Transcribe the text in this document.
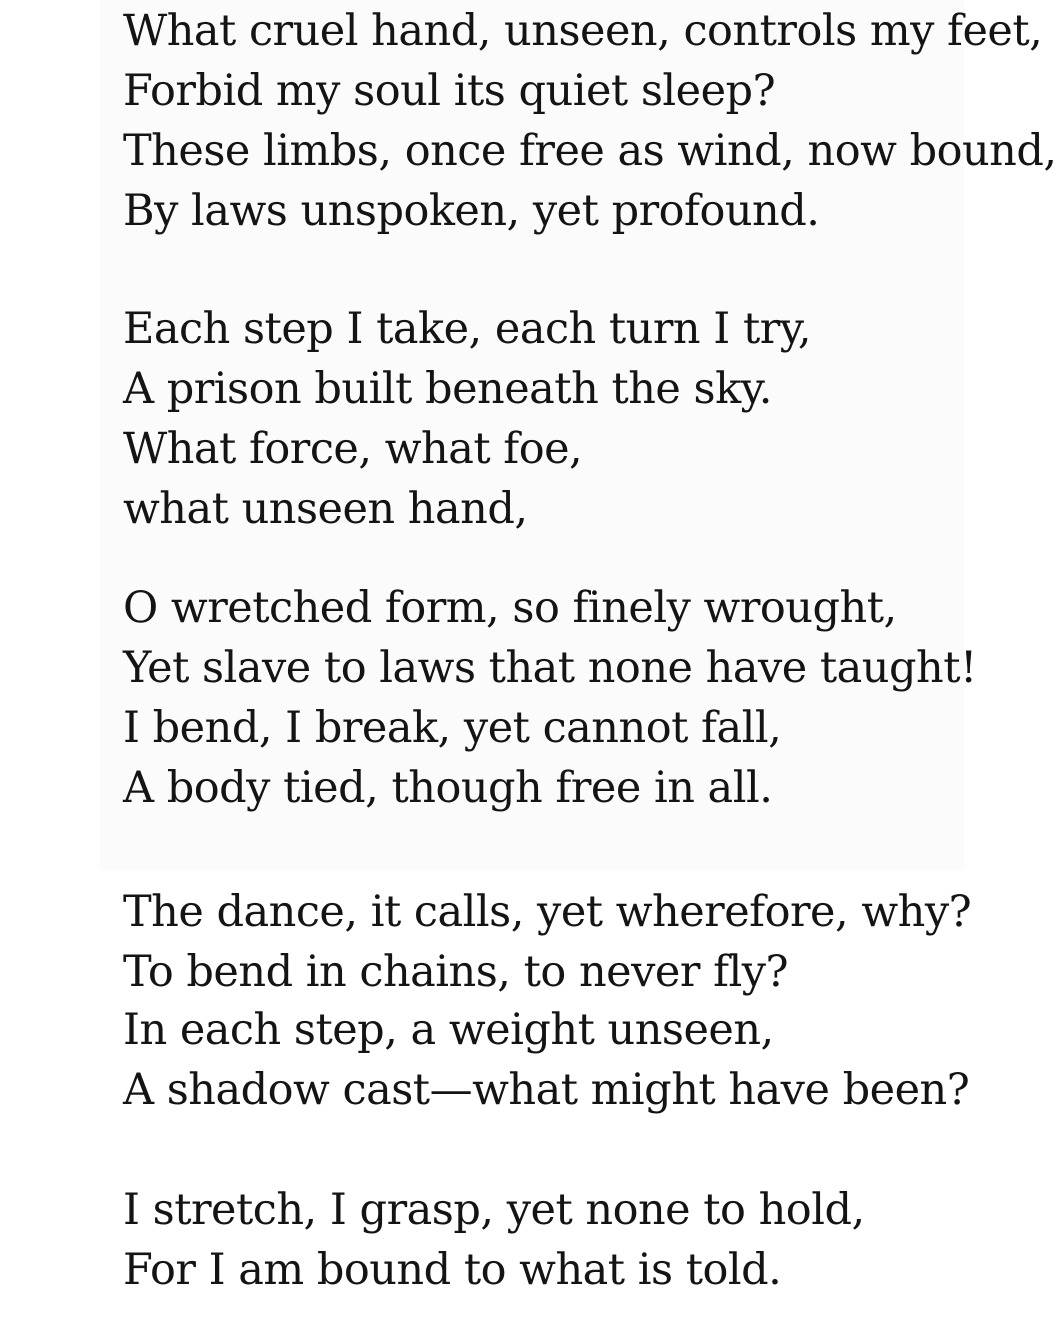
What cruel hand, unseen, controls my feet,
Forbid my soul its quiet sleep?
These limbs, once free as wind, now bound,
By laws unspoken, yet profound.
Each step I take, each turn I try,
A prison built beneath the sky.
What force, what foe,
what unseen hand,
O wretched form, so finely wrought,
Yet slave to laws that none have taught!
I bend, I break, yet cannot fall,
A body tied, though free in all.
The dance, it calls, yet wherefore, why?
To bend in chains, to never fly?
In each step, a weight unseen,
A shadow cast—what might have been?
I stretch, I grasp, yet none to hold,
For I am bound to what is told.
